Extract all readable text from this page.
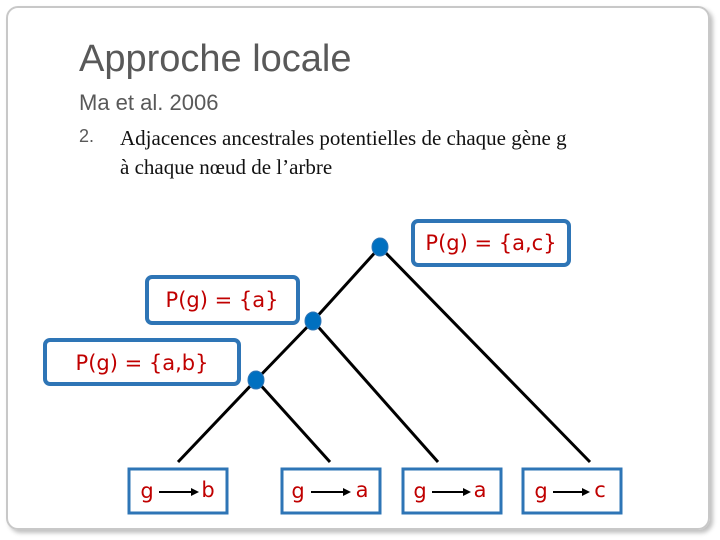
Approche locale
Ma et al. 2006
2. Adjacences ancestrales potentielles de chaque gène g
à chaque nœud de l’arbre
P(g) = {a,c}
P(g) = {a}
P(g) = {a,b}
g b	g a g a g c
